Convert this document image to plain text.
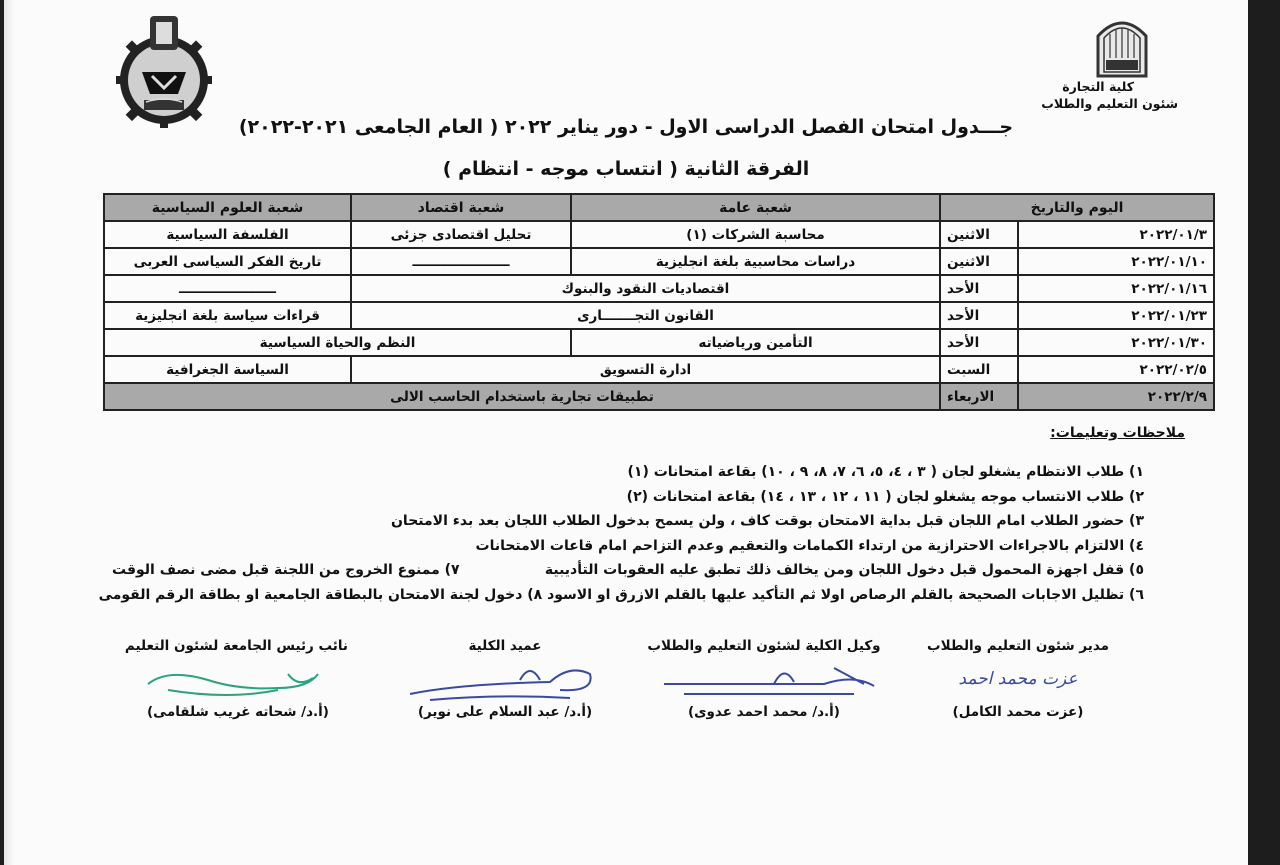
كلية التجارة
شئون التعليم والطلاب
جـــدول امتحان الفصل الدراسى الاول - دور يناير ٢٠٢٢ ( العام الجامعى ٢٠٢١-٢٠٢٢)
الفرقة الثانية ( انتساب موجه - انتظام )
اليوم والتاريخ		شعبة عامة	شعبة اقتصاد	شعبة العلوم السياسية	
٢٠٢٢/٠١/٣	الاثنين	محاسبة الشركات (١)	تحليل اقتصادى جزئى	الفلسفة السياسية	
٢٠٢٢/٠١/١٠	الاثنين	دراسات محاسبية بلغة انجليزية	ـــــــــــــــــــــ	تاريخ الفكر السياسى العربى	
٢٠٢٢/٠١/١٦	الأحد	اقتصاديات النقود والبنوك		ـــــــــــــــــــــ	
٢٠٢٢/٠١/٢٣	الأحد	القانون التجـــــــارى		قراءات سياسة بلغة انجليزية	
٢٠٢٢/٠١/٣٠	الأحد	التأمين ورياضياته	النظم والحياة السياسية	
٢٠٢٢/٠٢/٥	السبت	ادارة التسويق		السياسة الجغرافية	
٢٠٢٢/٢/٩	الاربعاء	تطبيقات تجارية باستخدام الحاسب الالى	
ملاحظات وتعليمات:
١) طلاب الانتظام يشغلو لجان ( ٣ ، ٤، ٥، ٦، ٧، ٨، ٩ ، ١٠) بقاعة امتحانات (١)
٢) طلاب الانتساب موجه يشغلو لجان ( ١١ ، ١٢ ، ١٣ ، ١٤) بقاعة امتحانات (٢)
٣) حضور الطلاب امام اللجان قبل بداية الامتحان بوقت كاف ، ولن يسمح بدخول الطلاب اللجان بعد بدء الامتحان
٤) الالتزام بالاجراءات الاحترازية من ارتداء الكمامات والتعقيم وعدم التزاحم امام قاعات الامتحانات
٥) قفل اجهزة المحمول قبل دخول اللجان ومن يخالف ذلك تطبق عليه العقوبات التأديبية
٧) ممنوع الخروج من اللجنة قبل مضى نصف الوقت
٦) تظليل الاجابات الصحيحة بالقلم الرصاص اولا ثم التأكيد عليها بالقلم الازرق او الاسود ٨) دخول لجنة الامتحان بالبطاقة الجامعية او بطاقة الرقم القومى
مدير شئون التعليم والطلاب
عزت محمد احمد
(عزت محمد الكامل)
وكيل الكلية لشئون التعليم والطلاب
(أ.د/ محمد احمد عدوى)
عميد الكلية
(أ.د/ عبد السلام على نوير)
نائب رئيس الجامعة لشئون التعليم
(أ.د/ شحاته غريب شلقامى)
